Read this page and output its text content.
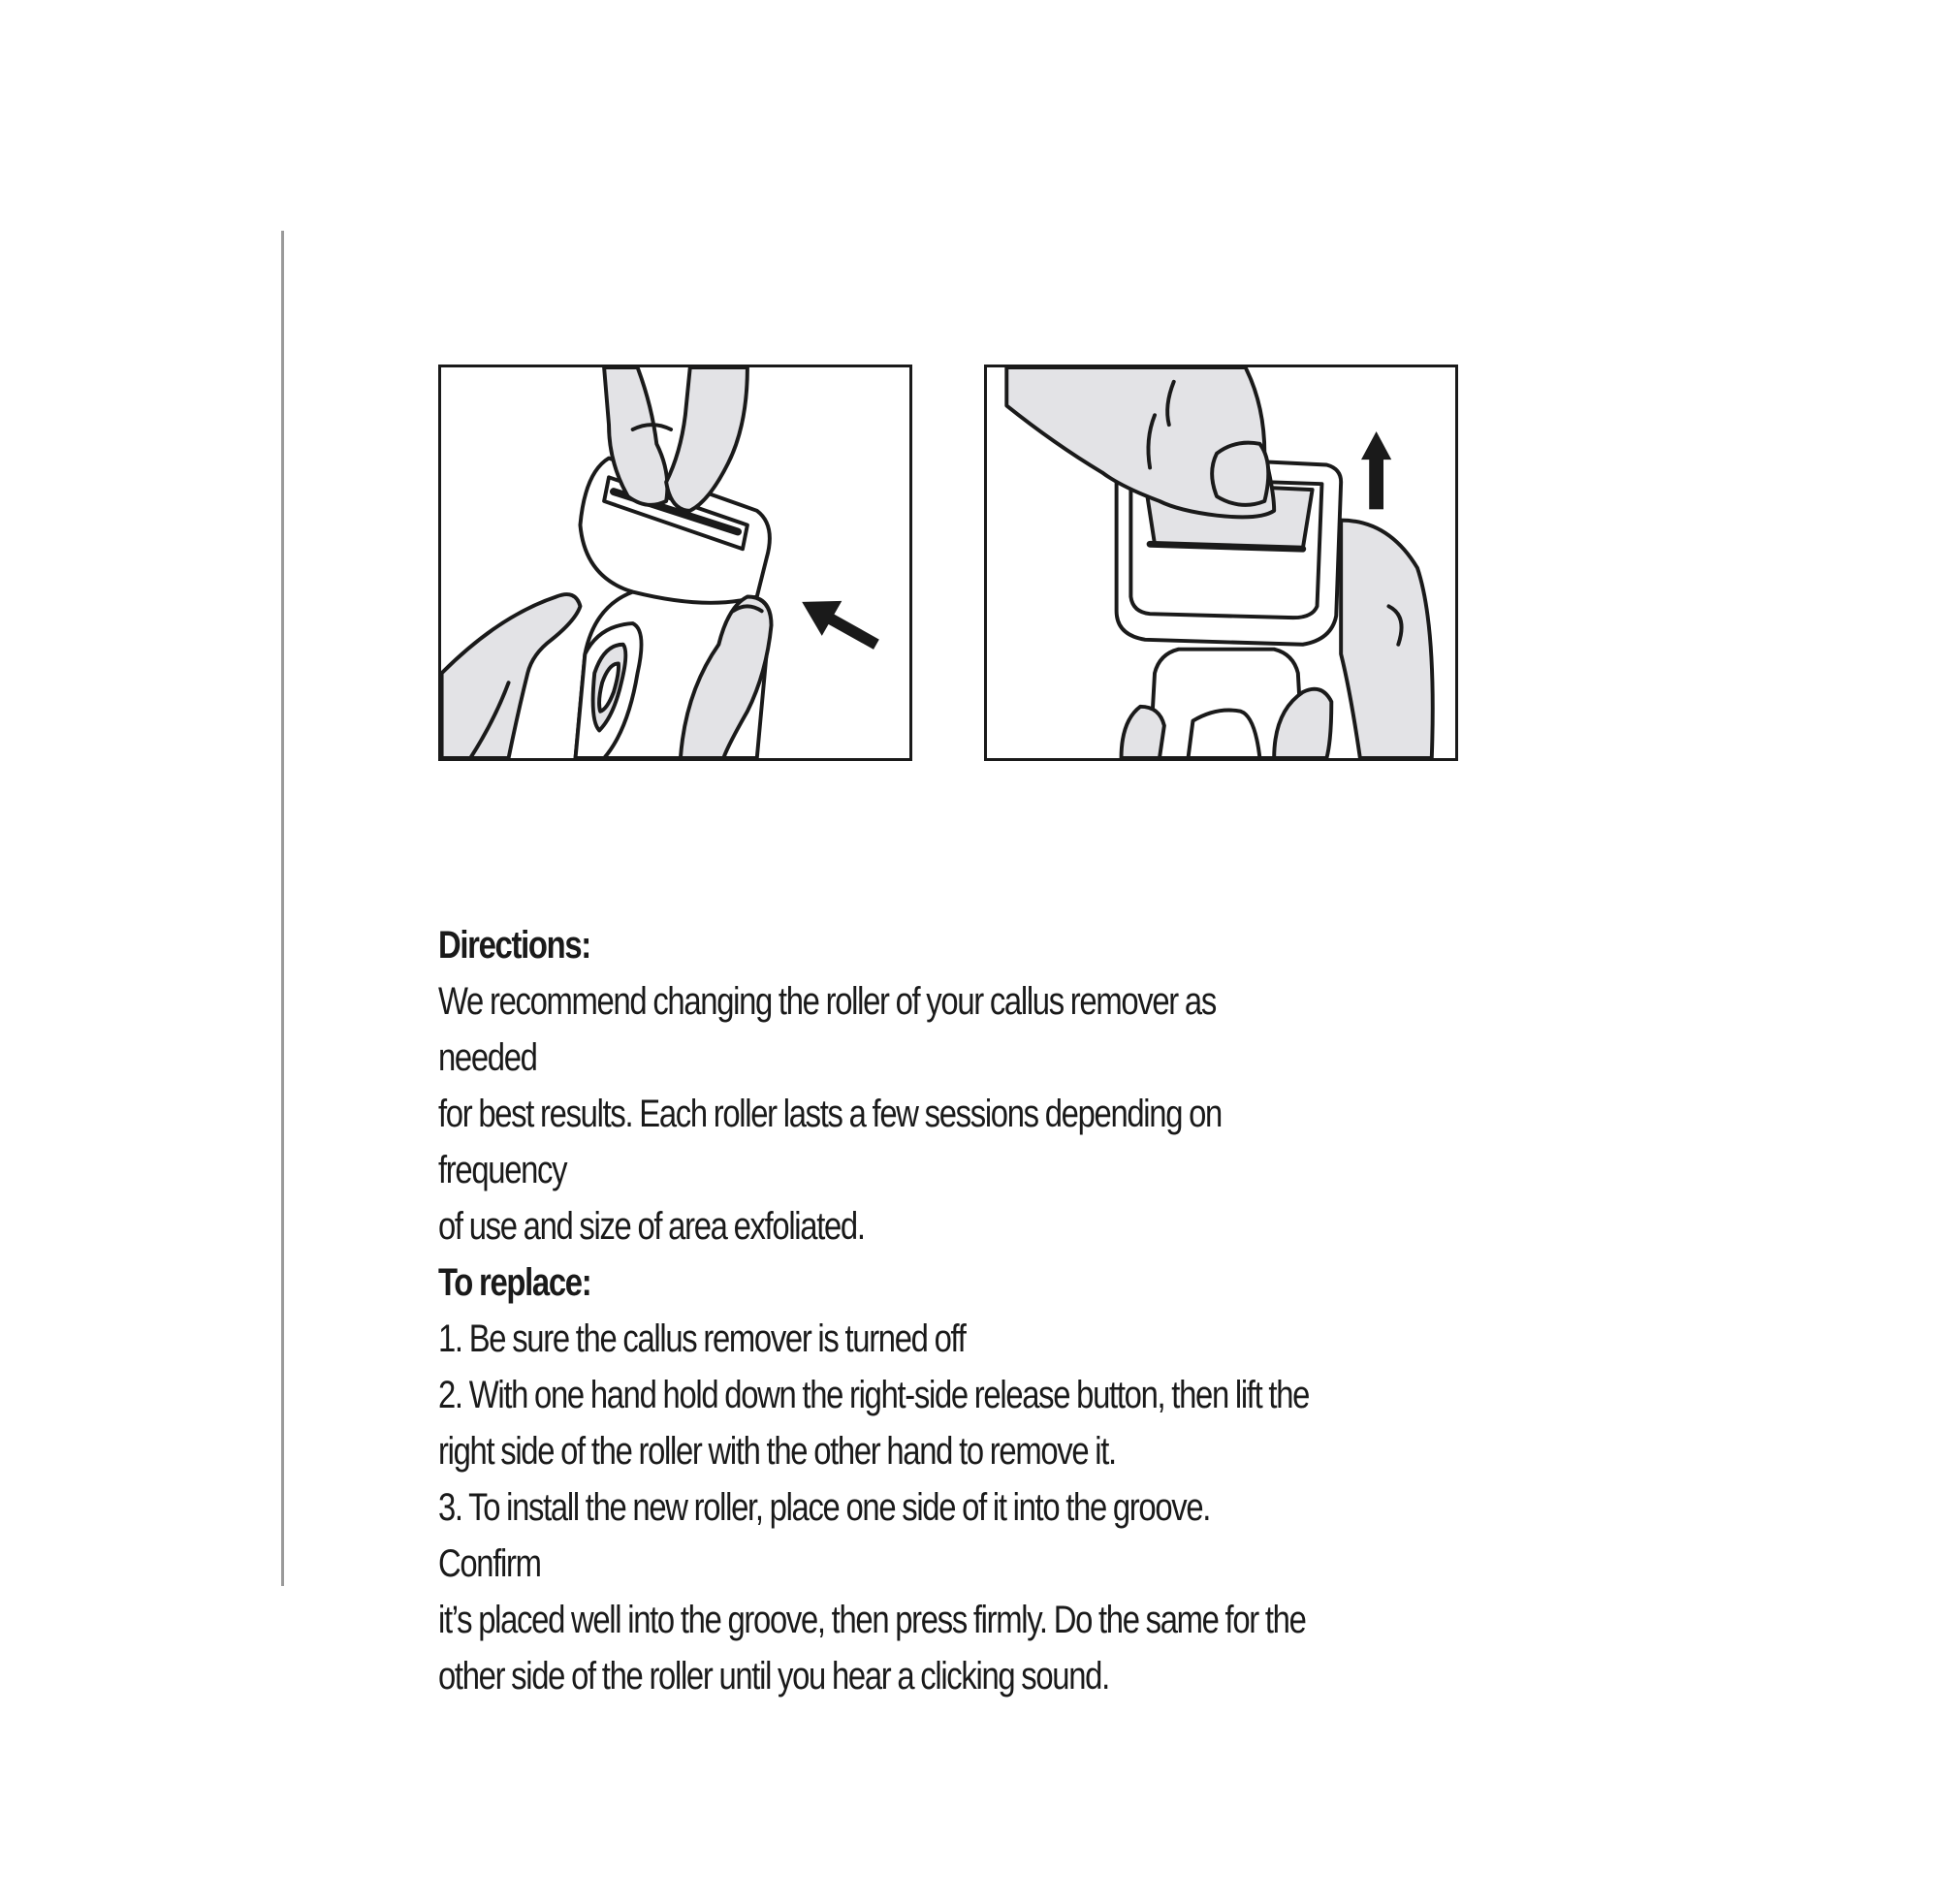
Directions:

We recommend changing the roller of your callus remover as needed

for best results. Each roller lasts a few sessions depending on frequency

of use and size of area exfoliated.

To replace:

1. Be sure the callus remover is turned off

2. With one hand hold down the right-side release button, then lift the

right side of the roller with the other hand to remove it.

3. To install the new roller, place one side of it into the groove. Confirm

it’s placed well into the groove, then press firmly. Do the same for the

other side of the roller until you hear a clicking sound.
